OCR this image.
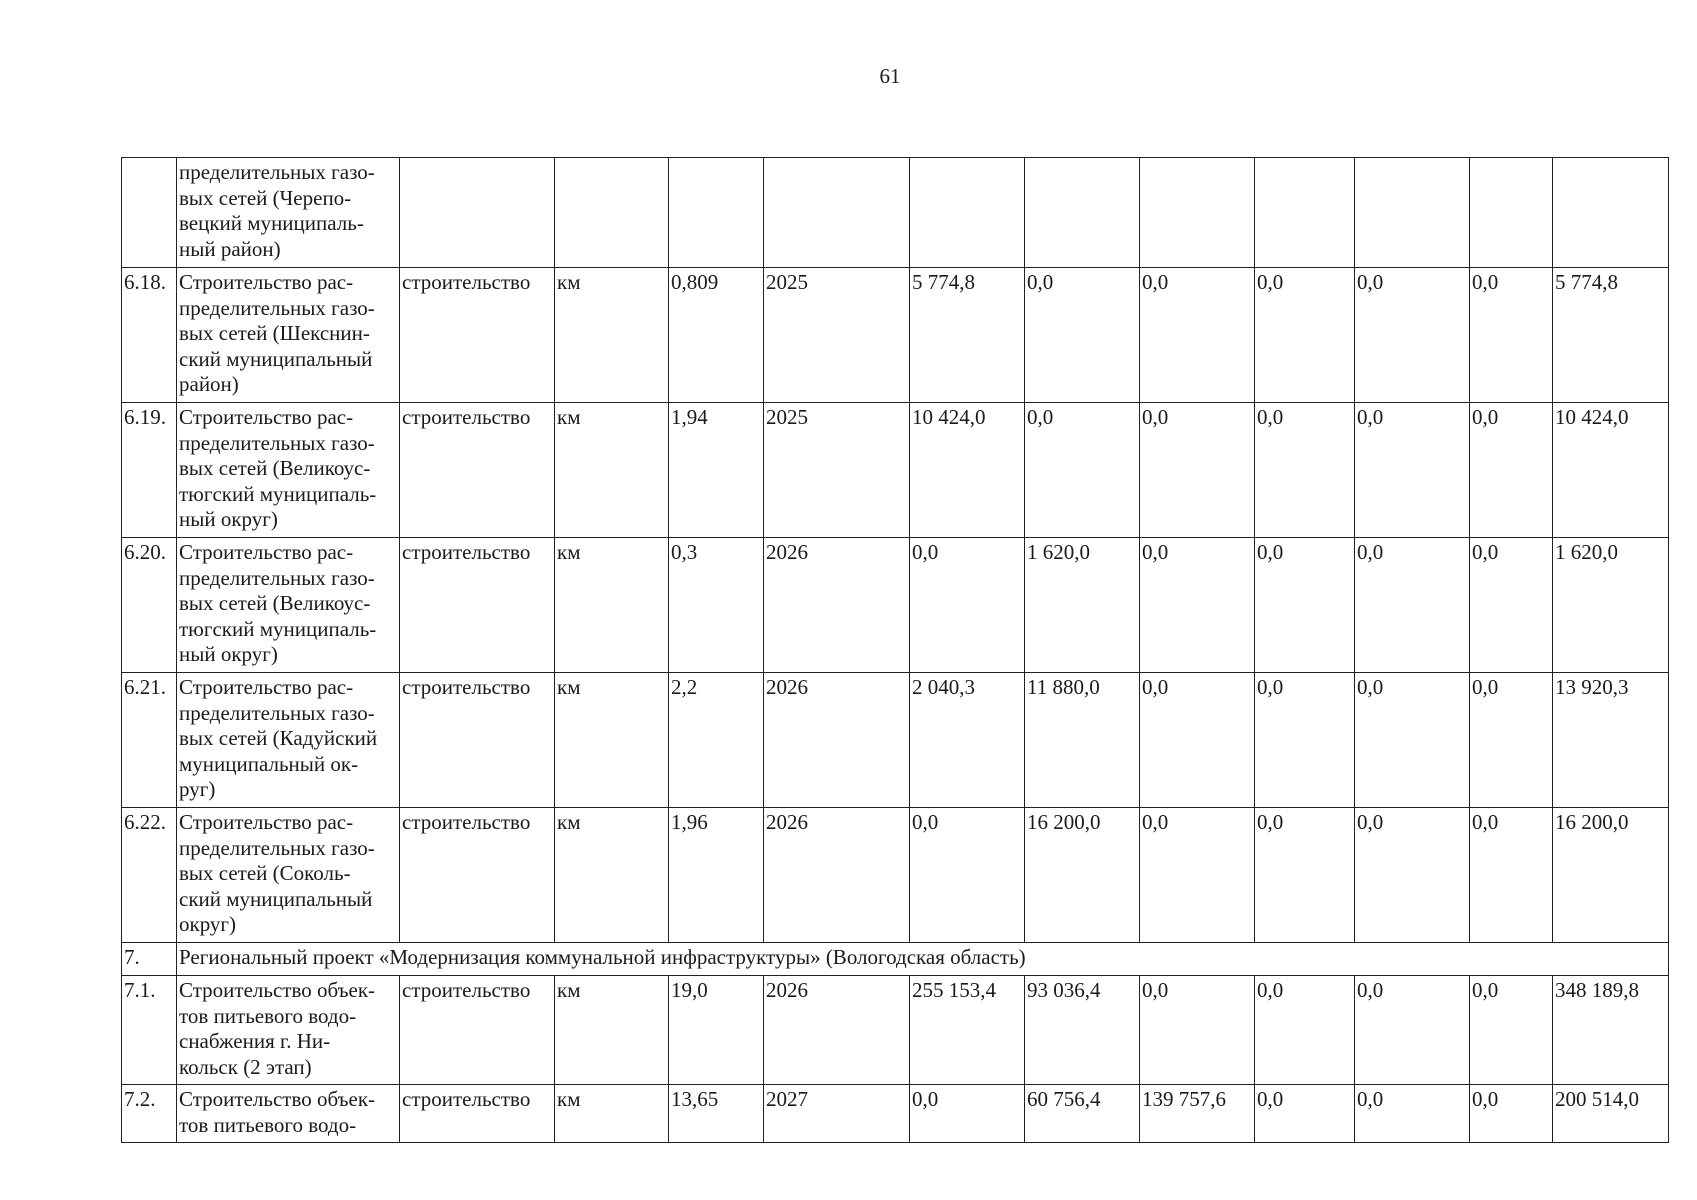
61

	пределительных газо-
вых сетей (Черепо-
вецкий муниципаль-
ный район)											

6.18.	Строительство рас-
пределительных газо-
вых сетей (Шекснин-
ский муниципальный
район)	строительство	км	0,809	2025	5 774,8	0,0	0,0	0,0	0,0	0,0	5 774,8
6.19.	Строительство рас-
пределительных газо-
вых сетей (Великоус-
тюгский муниципаль-
ный округ)	строительство	км	1,94	2025	10 424,0	0,0	0,0	0,0	0,0	0,0	10 424,0
6.20.	Строительство рас-
пределительных газо-
вых сетей (Великоус-
тюгский муниципаль-
ный округ)	строительство	км	0,3	2026	0,0	1 620,0	0,0	0,0	0,0	0,0	1 620,0
6.21.	Строительство рас-
пределительных газо-
вых сетей (Кадуйский
муниципальный ок-
руг)	строительство	км	2,2	2026	2 040,3	11 880,0	0,0	0,0	0,0	0,0	13 920,3
6.22.	Строительство рас-
пределительных газо-
вых сетей (Соколь-
ский муниципальный
округ)	строительство	км	1,96	2026	0,0	16 200,0	0,0	0,0	0,0	0,0	16 200,0
7.	Региональный проект «Модернизация коммунальной инфраструктуры» (Вологодская область)											
7.1.	Строительство объек-
тов питьевого водо-
снабжения г. Ни-
кольск (2 этап)	строительство	км	19,0	2026	255 153,4	93 036,4	0,0	0,0	0,0	0,0	348 189,8
7.2.	Строительство объек-
тов питьевого водо-	строительство	км	13,65	2027	0,0	60 756,4	139 757,6	0,0	0,0	0,0	200 514,0
